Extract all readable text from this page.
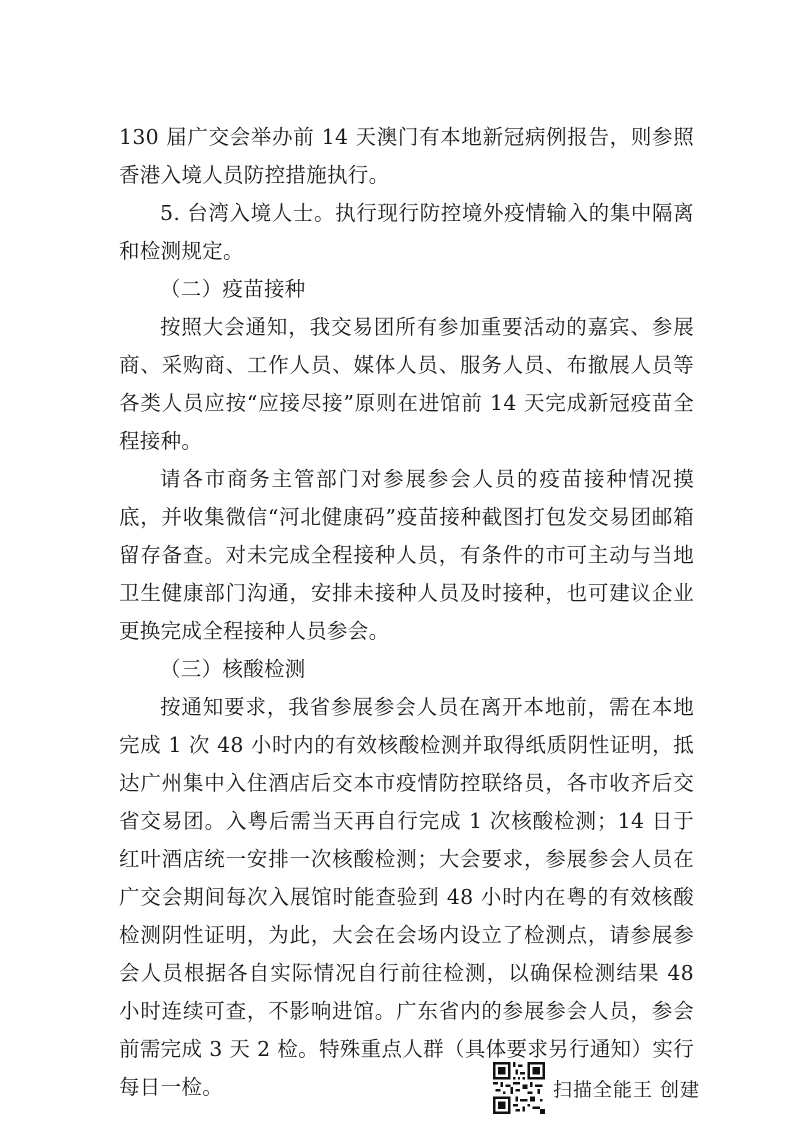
130 届广交会举办前 14 天澳门有本地新冠病例报告，则参照香港入境人员防控措施执行。

5. 台湾入境人士。执行现行防控境外疫情输入的集中隔离和检测规定。

（二）疫苗接种

按照大会通知，我交易团所有参加重要活动的嘉宾、参展商、采购商、工作人员、媒体人员、服务人员、布撤展人员等各类人员应按“应接尽接”原则在进馆前 14 天完成新冠疫苗全程接种。

请各市商务主管部门对参展参会人员的疫苗接种情况摸底，并收集微信“河北健康码”疫苗接种截图打包发交易团邮箱留存备查。对未完成全程接种人员，有条件的市可主动与当地卫生健康部门沟通，安排未接种人员及时接种，也可建议企业更换完成全程接种人员参会。

（三）核酸检测

按通知要求，我省参展参会人员在离开本地前，需在本地完成 1 次 48 小时内的有效核酸检测并取得纸质阴性证明，抵达广州集中入住酒店后交本市疫情防控联络员，各市收齐后交省交易团。入粤后需当天再自行完成 1 次核酸检测；14 日于红叶酒店统一安排一次核酸检测；大会要求，参展参会人员在广交会期间每次入展馆时能查验到 48 小时内在粤的有效核酸检测阴性证明，为此，大会在会场内设立了检测点，请参展参会人员根据各自实际情况自行前往检测，以确保检测结果 48 小时连续可查，不影响进馆。广东省内的参展参会人员，参会前需完成 3 天 2 检。特殊重点人群（具体要求另行通知）实行每日一检。	扫描全能王 创建
